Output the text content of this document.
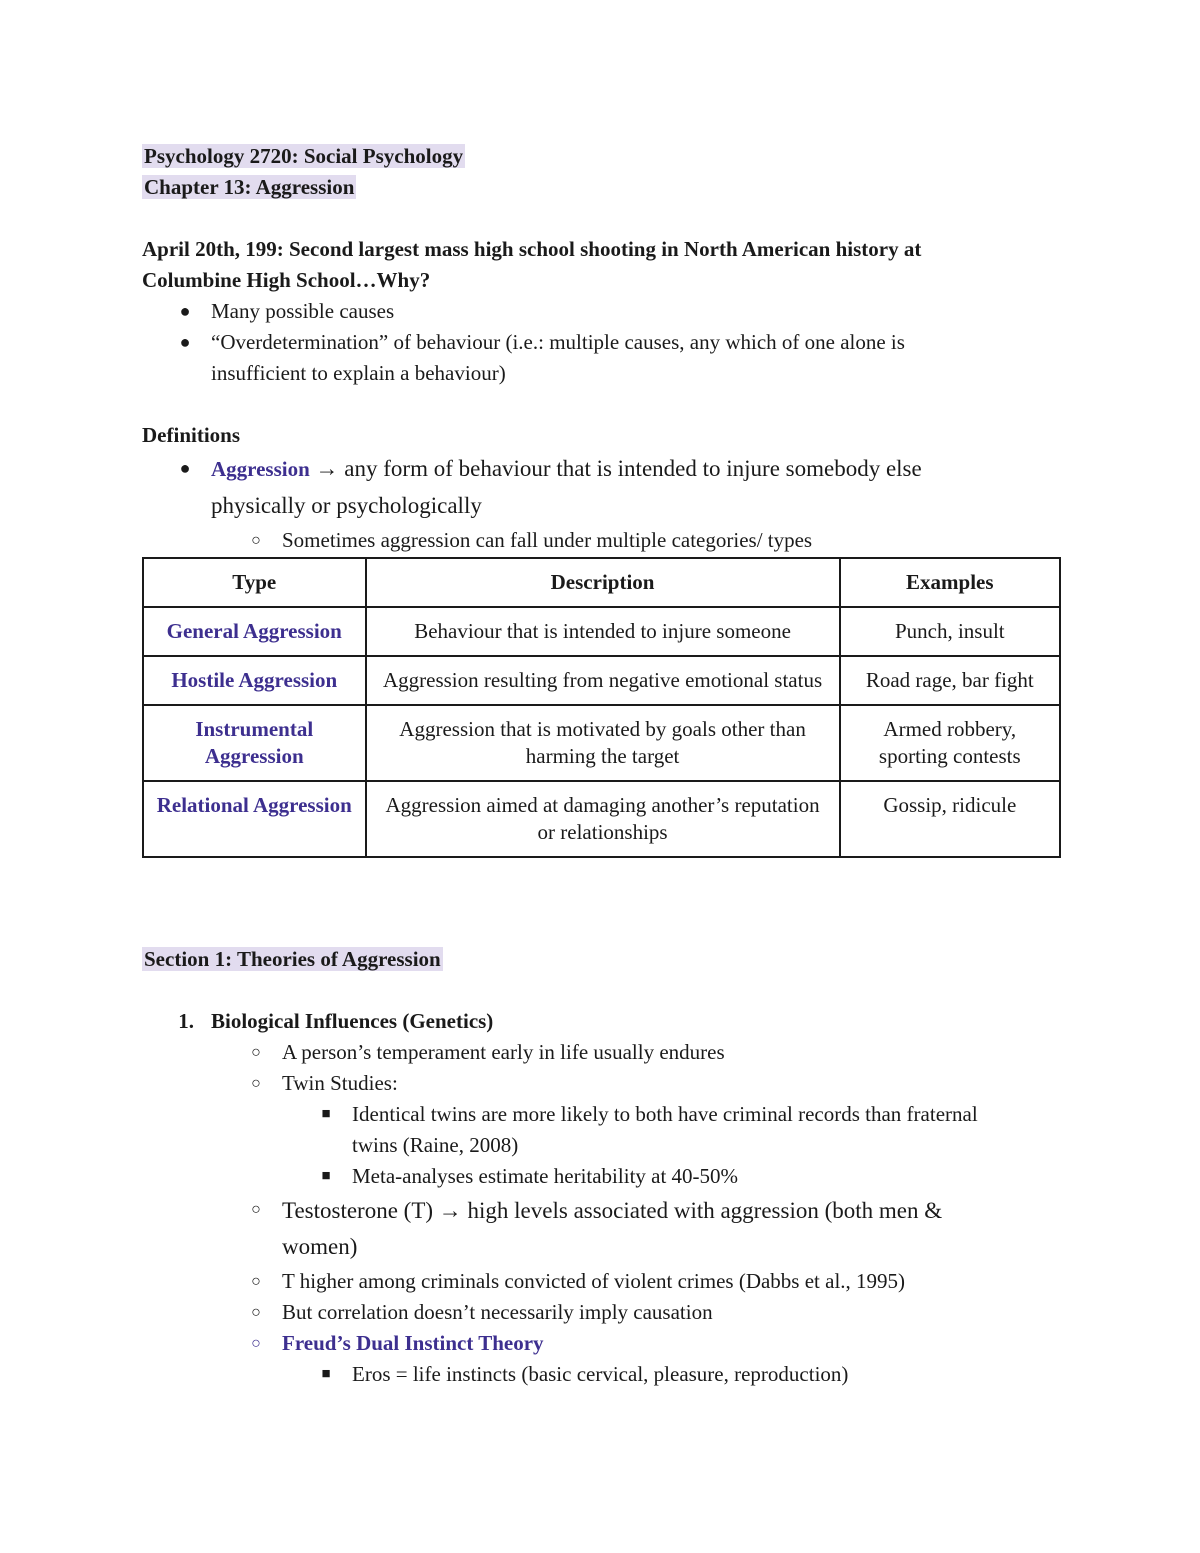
Psychology 2720: Social Psychology
Chapter 13: Aggression
April 20th, 199: Second largest mass high school shooting in North American history at
Columbine High School…Why?
● Many possible causes
● “Overdetermination” of behaviour (i.e.: multiple causes, any which of one alone is
insufficient to explain a behaviour)
Definitions
● Aggression → any form of behaviour that is intended to injure somebody else
physically or psychologically
○ Sometimes aggression can fall under multiple categories/ types
Type	Description	Examples
General Aggression	Behaviour that is intended to injure someone	Punch, insult
Hostile Aggression	Aggression resulting from negative emotional status	Road rage, bar fight
Instrumental Aggression	Aggression that is motivated by goals other than harming the target	Armed robbery, sporting contests
Relational Aggression	Aggression aimed at damaging another’s reputation or relationships	Gossip, ridicule
Section 1: Theories of Aggression
1. Biological Influences (Genetics)
○ A person’s temperament early in life usually endures
○ Twin Studies:
■ Identical twins are more likely to both have criminal records than fraternal
twins (Raine, 2008)
■ Meta-analyses estimate heritability at 40-50%
○ Testosterone (T) → high levels associated with aggression (both men &
women)
○ T higher among criminals convicted of violent crimes (Dabbs et al., 1995)
○ But correlation doesn’t necessarily imply causation
○ Freud’s Dual Instinct Theory
■ Eros = life instincts (basic cervical, pleasure, reproduction)
